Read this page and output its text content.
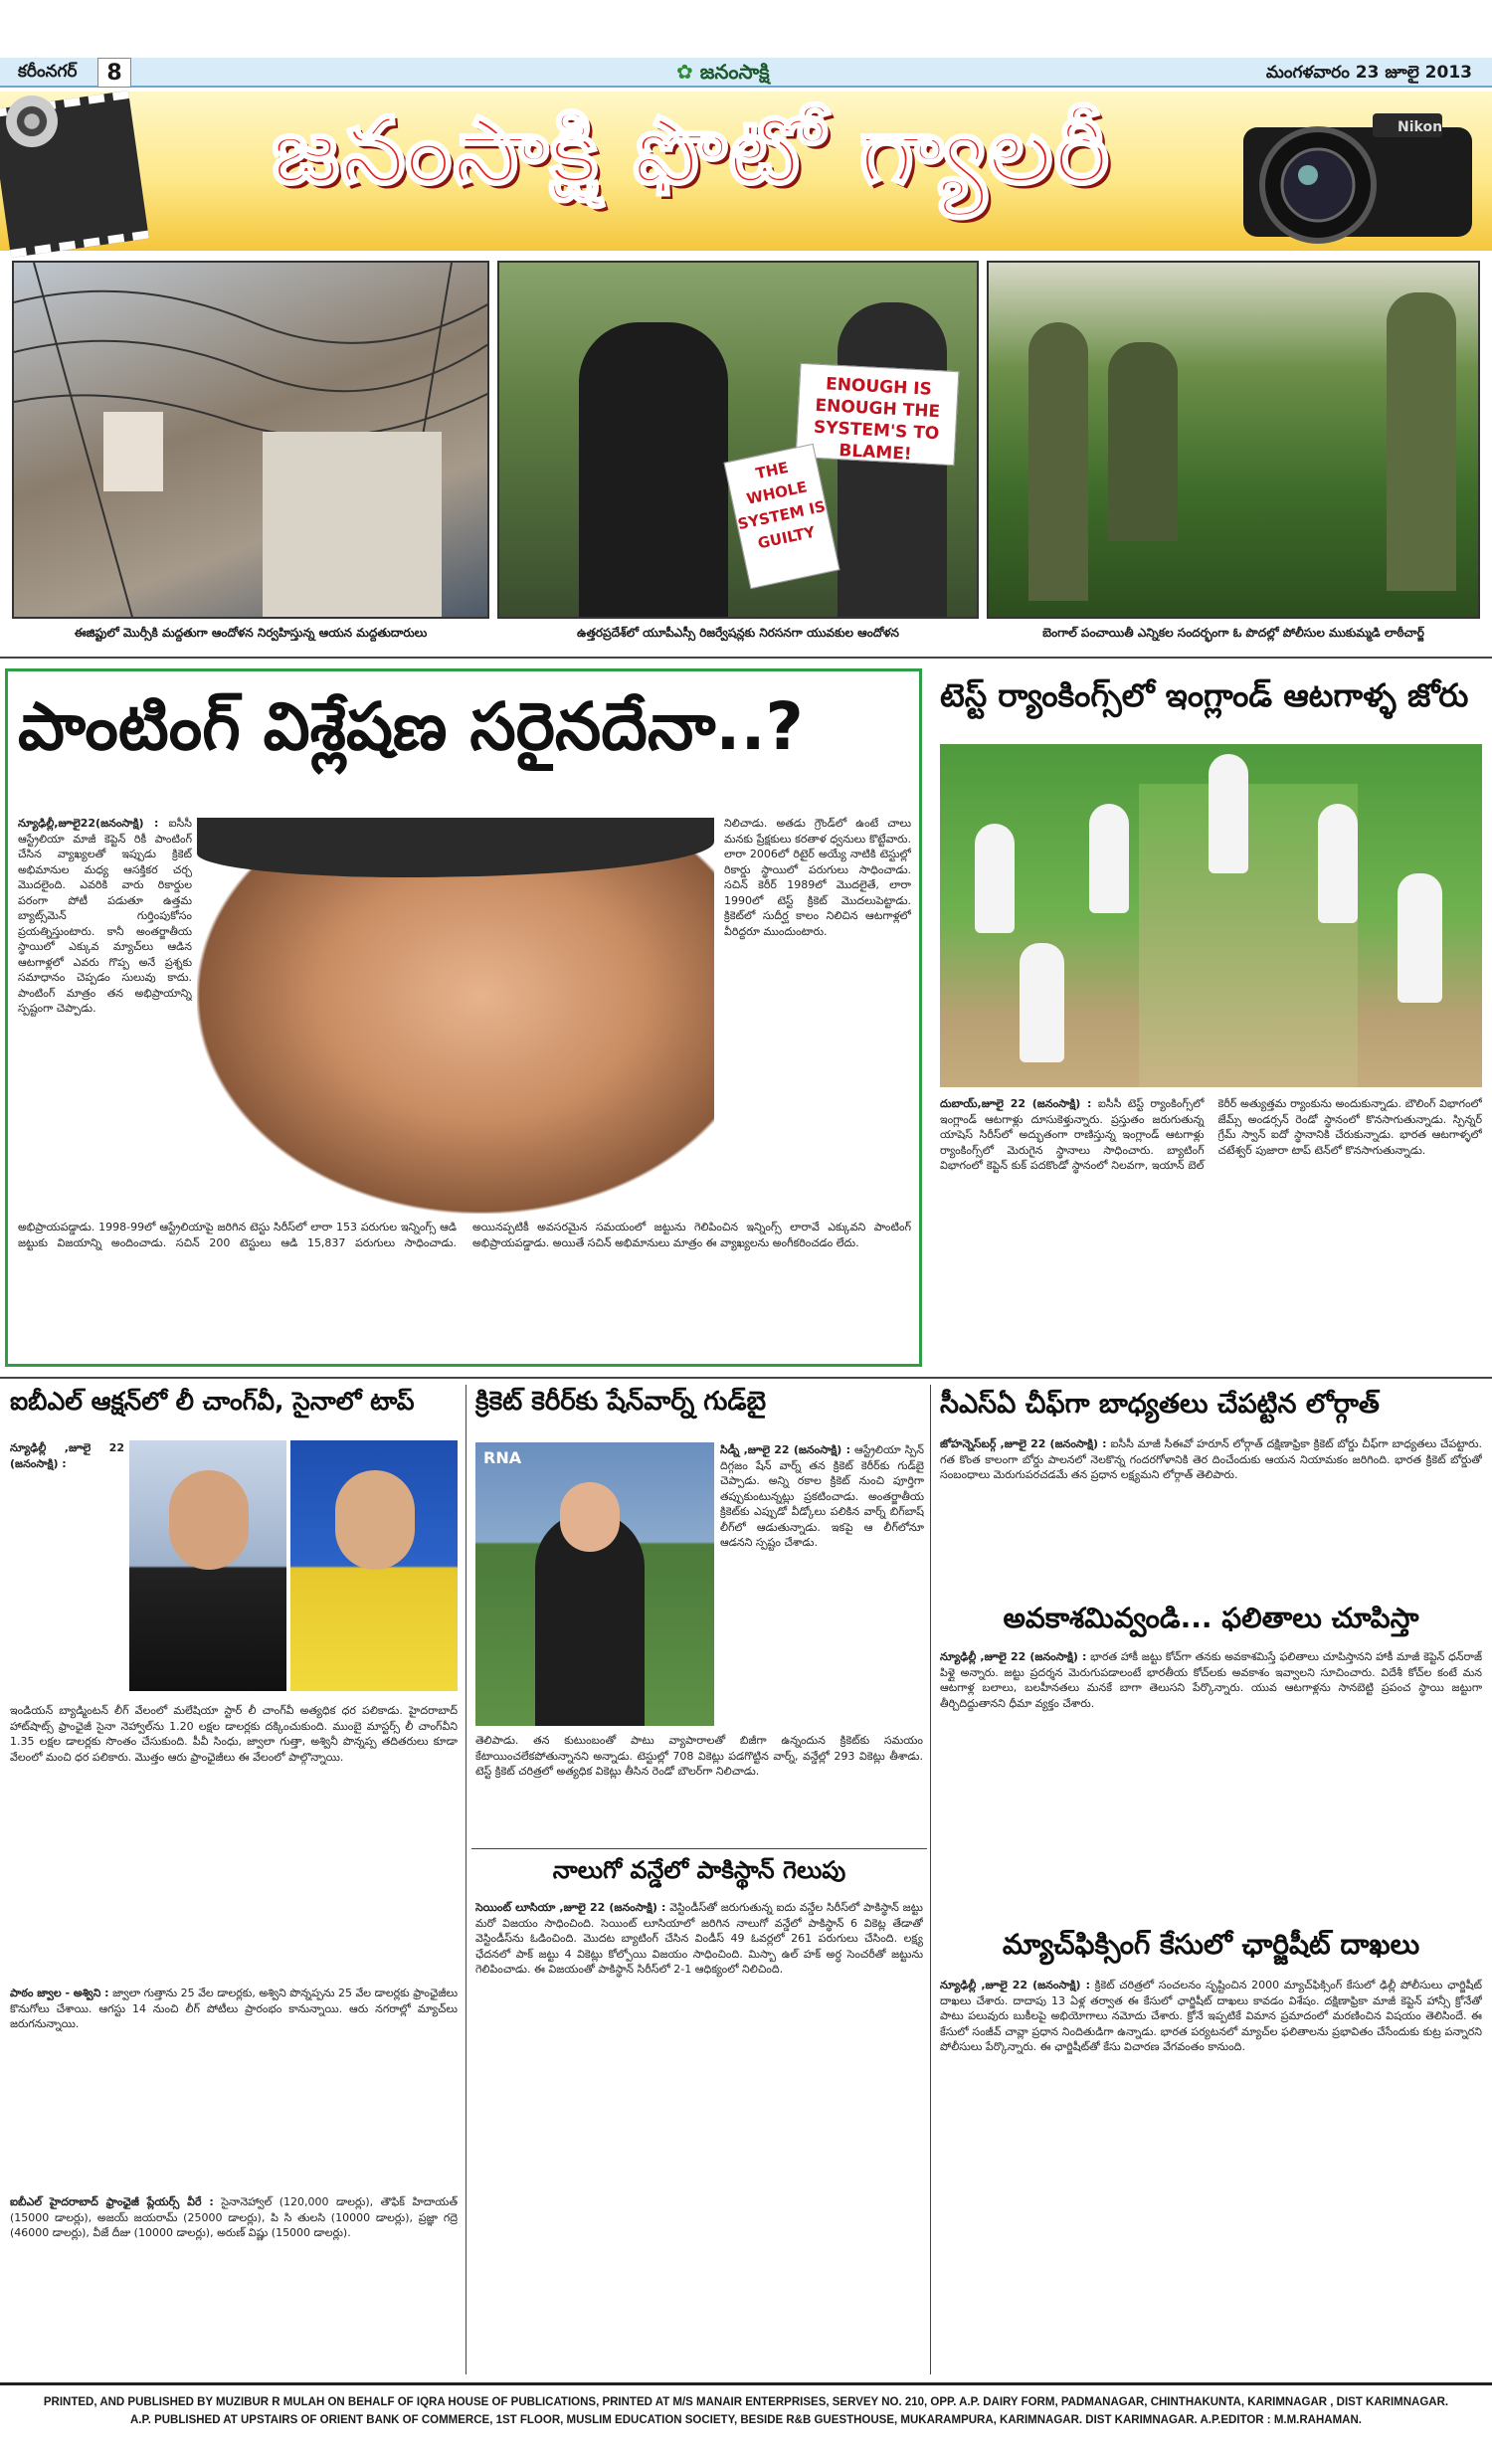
కరీంనగర్	8	✿ జనంసాక్షి	మంగళవారం 23 జూలై 2013
జనంసాక్షి ఫొటో గ్యాలరీ	Nikon
ENOUGH IS ENOUGH THE SYSTEM'S TO BLAME!
THE WHOLE SYSTEM IS GUILTY
ఈజిప్టులో మొర్సీకి మద్దతుగా ఆందోళన నిర్వహిస్తున్న ఆయన మద్దతుదారులు	ఉత్తరప్రదేశ్‌లో యూపీఎస్సీ రిజర్వేషన్లకు నిరసనగా యువకుల ఆందోళన	బెంగాల్ పంచాయితీ ఎన్నికల సందర్భంగా ఓ పొదల్లో పోలీసుల ముకుమ్మడి లాఠీచార్జ్
పాంటింగ్ విశ్లేషణ సరైనదేనా..?
న్యూఢిల్లీ,జూలై22(జనంసాక్షి) : ఐసీసీ ఆస్ట్రేలియా మాజీ కెప్టెన్ రికీ పాంటింగ్ చేసిన వ్యాఖ్యలతో ఇప్పుడు క్రికెట్ అభిమానుల మధ్య ఆసక్తికర చర్చ మొదలైంది. ఎవరికి వారు రికార్డుల పరంగా పోటీ పడుతూ ఉత్తమ బ్యాట్స్‌మెన్ గుర్తింపుకోసం ప్రయత్నిస్తుంటారు. కానీ అంతర్జాతీయ స్థాయిలో ఎక్కువ మ్యాచ్‌లు ఆడిన ఆటగాళ్లలో ఎవరు గొప్ప అనే ప్రశ్నకు సమాధానం చెప్పడం సులువు కాదు. పాంటింగ్ మాత్రం తన అభిప్రాయాన్ని స్పష్టంగా చెప్పాడు.
నిలిచాడు. అతడు గ్రౌండ్‌లో ఉంటే చాలు మనకు ప్రేక్షకులు కరతాళ ధ్వనులు కొట్టేవారు. లారా 2006లో రిటైర్ అయ్యే నాటికి టెస్టుల్లో రికార్డు స్థాయిలో పరుగులు సాధించాడు. సచిన్ కెరీర్ 1989లో మొదలైతే, లారా 1990లో టెస్ట్ క్రికెట్ మొదలుపెట్టాడు. క్రికెట్‌లో సుదీర్ఘ కాలం నిలిచిన ఆటగాళ్లలో వీరిద్దరూ ముందుంటారు.
అభిప్రాయపడ్డాడు. 1998-99లో ఆస్ట్రేలియాపై జరిగిన టెస్టు సిరీస్‌లో లారా 153 పరుగుల ఇన్నింగ్స్ ఆడి జట్టుకు విజయాన్ని అందించాడు. సచిన్ 200 టెస్టులు ఆడి 15,837 పరుగులు సాధించాడు. అయినప్పటికీ అవసరమైన సమయంలో జట్టును గెలిపించిన ఇన్నింగ్స్ లారావే ఎక్కువని పాంటింగ్ అభిప్రాయపడ్డాడు. అయితే సచిన్ అభిమానులు మాత్రం ఈ వ్యాఖ్యలను అంగీకరించడం లేదు.
టెస్ట్ ర్యాంకింగ్స్‌లో ఇంగ్లాండ్ ఆటగాళ్ళ జోరు
దుబాయ్,జూలై 22 (జనంసాక్షి) : ఐసీసీ టెస్ట్ ర్యాంకింగ్స్‌లో ఇంగ్లాండ్ ఆటగాళ్లు దూసుకెళ్తున్నారు. ప్రస్తుతం జరుగుతున్న యాషెస్ సిరీస్‌లో అద్భుతంగా రాణిస్తున్న ఇంగ్లాండ్ ఆటగాళ్లు ర్యాంకింగ్స్‌లో మెరుగైన స్థానాలు సాధించారు. బ్యాటింగ్ విభాగంలో కెప్టెన్ కుక్ పదకొండో స్థానంలో నిలవగా, ఇయాన్ బెల్ కెరీర్ అత్యుత్తమ ర్యాంకును అందుకున్నాడు. బౌలింగ్ విభాగంలో జేమ్స్ అండర్సన్ రెండో స్థానంలో కొనసాగుతున్నాడు. స్పిన్నర్ గ్రేమ్ స్వాన్ ఐదో స్థానానికి చేరుకున్నాడు. భారత ఆటగాళ్ళలో చటేశ్వర్ పుజారా టాప్ టెన్‌లో కొనసాగుతున్నాడు.
ఐబీఎల్ ఆక్షన్‌లో లీ చాంగ్‌వీ, సైనాలో టాప్
న్యూఢిల్లీ ,జూలై 22 (జనంసాక్షి) :
ఇండియన్ బ్యాడ్మింటన్ లీగ్ వేలంలో మలేషియా స్టార్ లీ చాంగ్‌వీ అత్యధిక ధర పలికాడు. హైదరాబాద్ హాట్‌షాట్స్ ఫ్రాంఛైజీ సైనా నెహ్వాల్‌ను 1.20 లక్షల డాలర్లకు దక్కించుకుంది. ముంబై మాస్టర్స్ లీ చాంగ్‌వీని 1.35 లక్షల డాలర్లకు సొంతం చేసుకుంది. పీవీ సింధు, జ్వాలా గుత్తా, అశ్వినీ పొన్నప్ప తదితరులు కూడా వేలంలో మంచి ధర పలికారు. మొత్తం ఆరు ఫ్రాంఛైజీలు ఈ వేలంలో పాల్గొన్నాయి.
పాఠం జ్వాల - అశ్విని : జ్వాలా గుత్తాను 25 వేల డాలర్లకు, అశ్విని పొన్నప్పను 25 వేల డాలర్లకు ఫ్రాంఛైజీలు కొనుగోలు చేశాయి. ఆగస్టు 14 నుంచి లీగ్ పోటీలు ప్రారంభం కానున్నాయి. ఆరు నగరాల్లో మ్యాచ్‌లు జరుగనున్నాయి.
ఐబీఎల్ హైదరాబాద్ ఫ్రాంఛైజీ ప్లేయర్స్ వీరే : సైనానెహ్వాల్ (120,000 డాలర్లు), తౌఫిక్ హిదాయత్ (15000 డాలర్లు), అజయ్ జయరామ్ (25000 డాలర్లు), పి సి తులసి (10000 డాలర్లు), ప్రజ్ఞా గద్రె (46000 డాలర్లు), వీజే దీజు (10000 డాలర్లు), అరుణ్ విష్ణు (15000 డాలర్లు).
క్రికెట్ కెరీర్‌కు షేన్‌వార్న్ గుడ్‌బై
RNA	సిడ్నీ ,జూలై 22 (జనంసాక్షి) : ఆస్ట్రేలియా స్పిన్ దిగ్గజం షేన్ వార్న్ తన క్రికెట్ కెరీర్‌కు గుడ్‌బై చెప్పాడు. అన్ని రకాల క్రికెట్ నుంచి పూర్తిగా తప్పుకుంటున్నట్లు ప్రకటించాడు. అంతర్జాతీయ క్రికెట్‌కు ఎప్పుడో వీడ్కోలు పలికిన వార్న్ బిగ్‌బాష్ లీగ్‌లో ఆడుతున్నాడు. ఇకపై ఆ లీగ్‌లోనూ ఆడనని స్పష్టం చేశాడు.
తెలిపాడు. తన కుటుంబంతో పాటు వ్యాపారాలతో బిజీగా ఉన్నందున క్రికెట్‌కు సమయం కేటాయించలేకపోతున్నానని అన్నాడు. టెస్టుల్లో 708 వికెట్లు పడగొట్టిన వార్న్, వన్డేల్లో 293 వికెట్లు తీశాడు. టెస్ట్ క్రికెట్ చరిత్రలో అత్యధిక వికెట్లు తీసిన రెండో బౌలర్‌గా నిలిచాడు.
నాలుగో వన్డేలో పాకిస్థాన్ గెలుపు
సెయింట్ లూసియా ,జూలై 22 (జనంసాక్షి) : వెస్టిండీస్‌తో జరుగుతున్న ఐదు వన్డేల సిరీస్‌లో పాకిస్థాన్ జట్టు మరో విజయం సాధించింది. సెయింట్ లూసియాలో జరిగిన నాలుగో వన్డేలో పాకిస్థాన్ 6 వికెట్ల తేడాతో వెస్టిండీస్‌ను ఓడించింది. మొదట బ్యాటింగ్ చేసిన విండీస్ 49 ఓవర్లలో 261 పరుగులు చేసింది. లక్ష్య ఛేదనలో పాక్ జట్టు 4 వికెట్లు కోల్పోయి విజయం సాధించింది. మిస్బా ఉల్ హక్ అర్ధ సెంచరీతో జట్టును గెలిపించాడు. ఈ విజయంతో పాకిస్థాన్ సిరీస్‌లో 2-1 ఆధిక్యంలో నిలిచింది.
సీఎస్ఏ చీఫ్‌గా బాధ్యతలు చేపట్టిన లోర్గాత్
జోహన్నెస్‌బర్గ్ ,జూలై 22 (జనంసాక్షి) : ఐసీసీ మాజీ సీఈవో హరూన్ లోర్గాత్ దక్షిణాఫ్రికా క్రికెట్ బోర్డు చీఫ్‌గా బాధ్యతలు చేపట్టారు. గత కొంత కాలంగా బోర్డు పాలనలో నెలకొన్న గందరగోళానికి తెర దించేందుకు ఆయన నియామకం జరిగింది. భారత క్రికెట్ బోర్డుతో సంబంధాలు మెరుగుపరచడమే తన ప్రధాన లక్ష్యమని లోర్గాత్ తెలిపారు.
అవకాశమివ్వండి... ఫలితాలు చూపిస్తా
న్యూఢిల్లీ ,జూలై 22 (జనంసాక్షి) : భారత హాకీ జట్టు కోచ్‌గా తనకు అవకాశమిస్తే ఫలితాలు చూపిస్తానని హాకీ మాజీ కెప్టెన్ ధన్‌రాజ్ పిళ్లై అన్నారు. జట్టు ప్రదర్శన మెరుగుపడాలంటే భారతీయ కోచ్‌లకు అవకాశం ఇవ్వాలని సూచించారు. విదేశీ కోచ్‌ల కంటే మన ఆటగాళ్ల బలాలు, బలహీనతలు మనకే బాగా తెలుసని పేర్కొన్నారు. యువ ఆటగాళ్లను సానబెట్టి ప్రపంచ స్థాయి జట్టుగా తీర్చిదిద్దుతానని ధీమా వ్యక్తం చేశారు.
మ్యాచ్‌ఫిక్సింగ్ కేసులో ఛార్జిషీట్ దాఖలు
న్యూఢిల్లీ ,జూలై 22 (జనంసాక్షి) : క్రికెట్ చరిత్రలో సంచలనం సృష్టించిన 2000 మ్యాచ్‌ఫిక్సింగ్ కేసులో ఢిల్లీ పోలీసులు ఛార్జిషీట్ దాఖలు చేశారు. దాదాపు 13 ఏళ్ల తర్వాత ఈ కేసులో ఛార్జిషీట్ దాఖలు కావడం విశేషం. దక్షిణాఫ్రికా మాజీ కెప్టెన్ హాన్సీ క్రోనేతో పాటు పలువురు బుకీలపై అభియోగాలు నమోదు చేశారు. క్రోనే ఇప్పటికే విమాన ప్రమాదంలో మరణించిన విషయం తెలిసిందే. ఈ కేసులో సంజీవ్ చావ్లా ప్రధాన నిందితుడిగా ఉన్నాడు. భారత పర్యటనలో మ్యాచ్‌ల ఫలితాలను ప్రభావితం చేసేందుకు కుట్ర పన్నారని పోలీసులు పేర్కొన్నారు. ఈ ఛార్జిషీట్‌తో కేసు విచారణ వేగవంతం కానుంది.
PRINTED, AND PUBLISHED BY MUZIBUR R MULAH ON BEHALF OF IQRA HOUSE OF PUBLICATIONS, PRINTED AT M/S MANAIR ENTERPRISES, SERVEY NO. 210, OPP. A.P. DAIRY FORM, PADMANAGAR, CHINTHAKUNTA, KARIMNAGAR , DIST KARIMNAGAR.
A.P. PUBLISHED AT UPSTAIRS OF ORIENT BANK OF COMMERCE, 1ST FLOOR, MUSLIM EDUCATION SOCIETY, BESIDE R&B GUESTHOUSE, MUKARAMPURA, KARIMNAGAR. DIST KARIMNAGAR. A.P.EDITOR : M.M.RAHAMAN.
